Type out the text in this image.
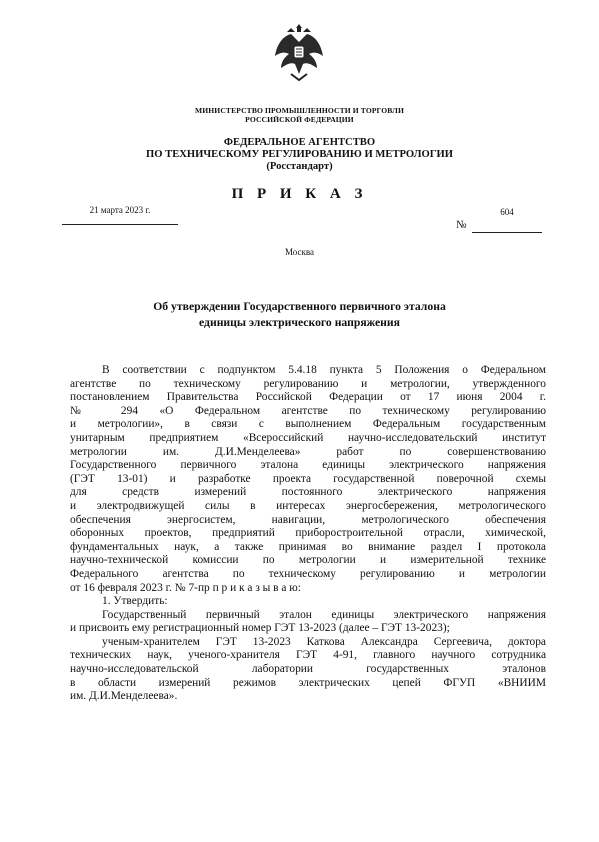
МИНИСТЕРСТВО ПРОМЫШЛЕННОСТИ И ТОРГОВЛИ
РОССИЙСКОЙ ФЕДЕРАЦИИ
ФЕДЕРАЛЬНОЕ АГЕНТСТВО
ПО ТЕХНИЧЕСКОМУ РЕГУЛИРОВАНИЮ И МЕТРОЛОГИИ
(Росстандарт)
П Р И К А З
21 марта 2023 г.
№
604
Москва
Об утверждении Государственного первичного эталона
единицы электрического напряжения

В соответствии с подпунктом 5.4.18 пункта 5 Положения о Федеральном

агентстве по техническому регулированию и метрологии, утвержденного

постановлением Правительства Российской Федерации от 17 июня 2004 г.

№ 294 «О Федеральном агентстве по техническому регулированию

и метрологии», в связи с выполнением Федеральным государственным

унитарным предприятием «Всероссийский научно-исследовательский институт

метрологии им. Д.И.Менделеева» работ по совершенствованию

Государственного первичного эталона единицы электрического напряжения

(ГЭТ 13-01) и разработке проекта государственной поверочной схемы

для средств измерений постоянного электрического напряжения

и электродвижущей силы в интересах энергосбережения, метрологического

обеспечения энергосистем, навигации, метрологического обеспечения

оборонных проектов, предприятий приборостроительной отрасли, химической,

фундаментальных наук, а также принимая во внимание раздел I протокола

научно-технической комиссии по метрологии и измерительной технике

Федерального агентства по техническому регулированию и метрологии

от 16 февраля 2023 г. № 7-пр п р и к а з ы в а ю:

1. Утвердить:

Государственный первичный эталон единицы электрического напряжения

и присвоить ему регистрационный номер ГЭТ 13-2023 (далее – ГЭТ 13-2023);

ученым-хранителем ГЭТ 13-2023 Каткова Александра Сергеевича, доктора

технических наук, ученого-хранителя ГЭТ 4-91, главного научного сотрудника

научно-исследовательской лаборатории государственных эталонов

в области измерений режимов электрических цепей ФГУП «ВНИИМ

им. Д.И.Менделеева».
